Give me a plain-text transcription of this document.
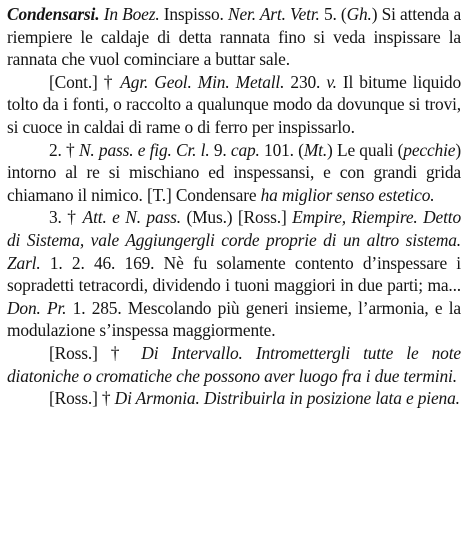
Condensarsi. In Boez. Inspisso. Ner. Art. Vetr. 5. (Gh.) Si attenda a riempiere le caldaje di detta rannata fino si veda inspissare la rannata che vuol cominciare a buttar sale.

[Cont.] † Agr. Geol. Min. Metall. 230. v. Il bitume liquido tolto da i fonti, o raccolto a qualunque modo da dovunque si trovi, si cuoce in caldai di rame o di ferro per inspissarlo.

2. † N. pass. e fig. Cr. l. 9. cap. 101. (Mt.) Le quali (pecchie) intorno al re si mischiano ed inspessansi, e con grandi grida chiamano il nimico. [T.] Condensare ha miglior senso estetico.

3. † Att. e N. pass. (Mus.) [Ross.] Empire, Riempire. Detto di Sistema, vale Aggiungergli corde proprie di un altro sistema. Zarl. 1. 2. 46. 169. Nè fu solamente contento d’inspessare i sopradetti tetracordi, dividendo i tuoni maggiori in due parti; ma... Don. Pr. 1. 285. Mescolando più generi insieme, l’armonia, e la modulazione s’inspessa maggiormente.

[Ross.] † Di Intervallo. Intromettergli tutte le note diatoniche o cromatiche che possono aver luogo fra i due termini.

[Ross.] † Di Armonia. Distribuirla in posizione lata e piena.
